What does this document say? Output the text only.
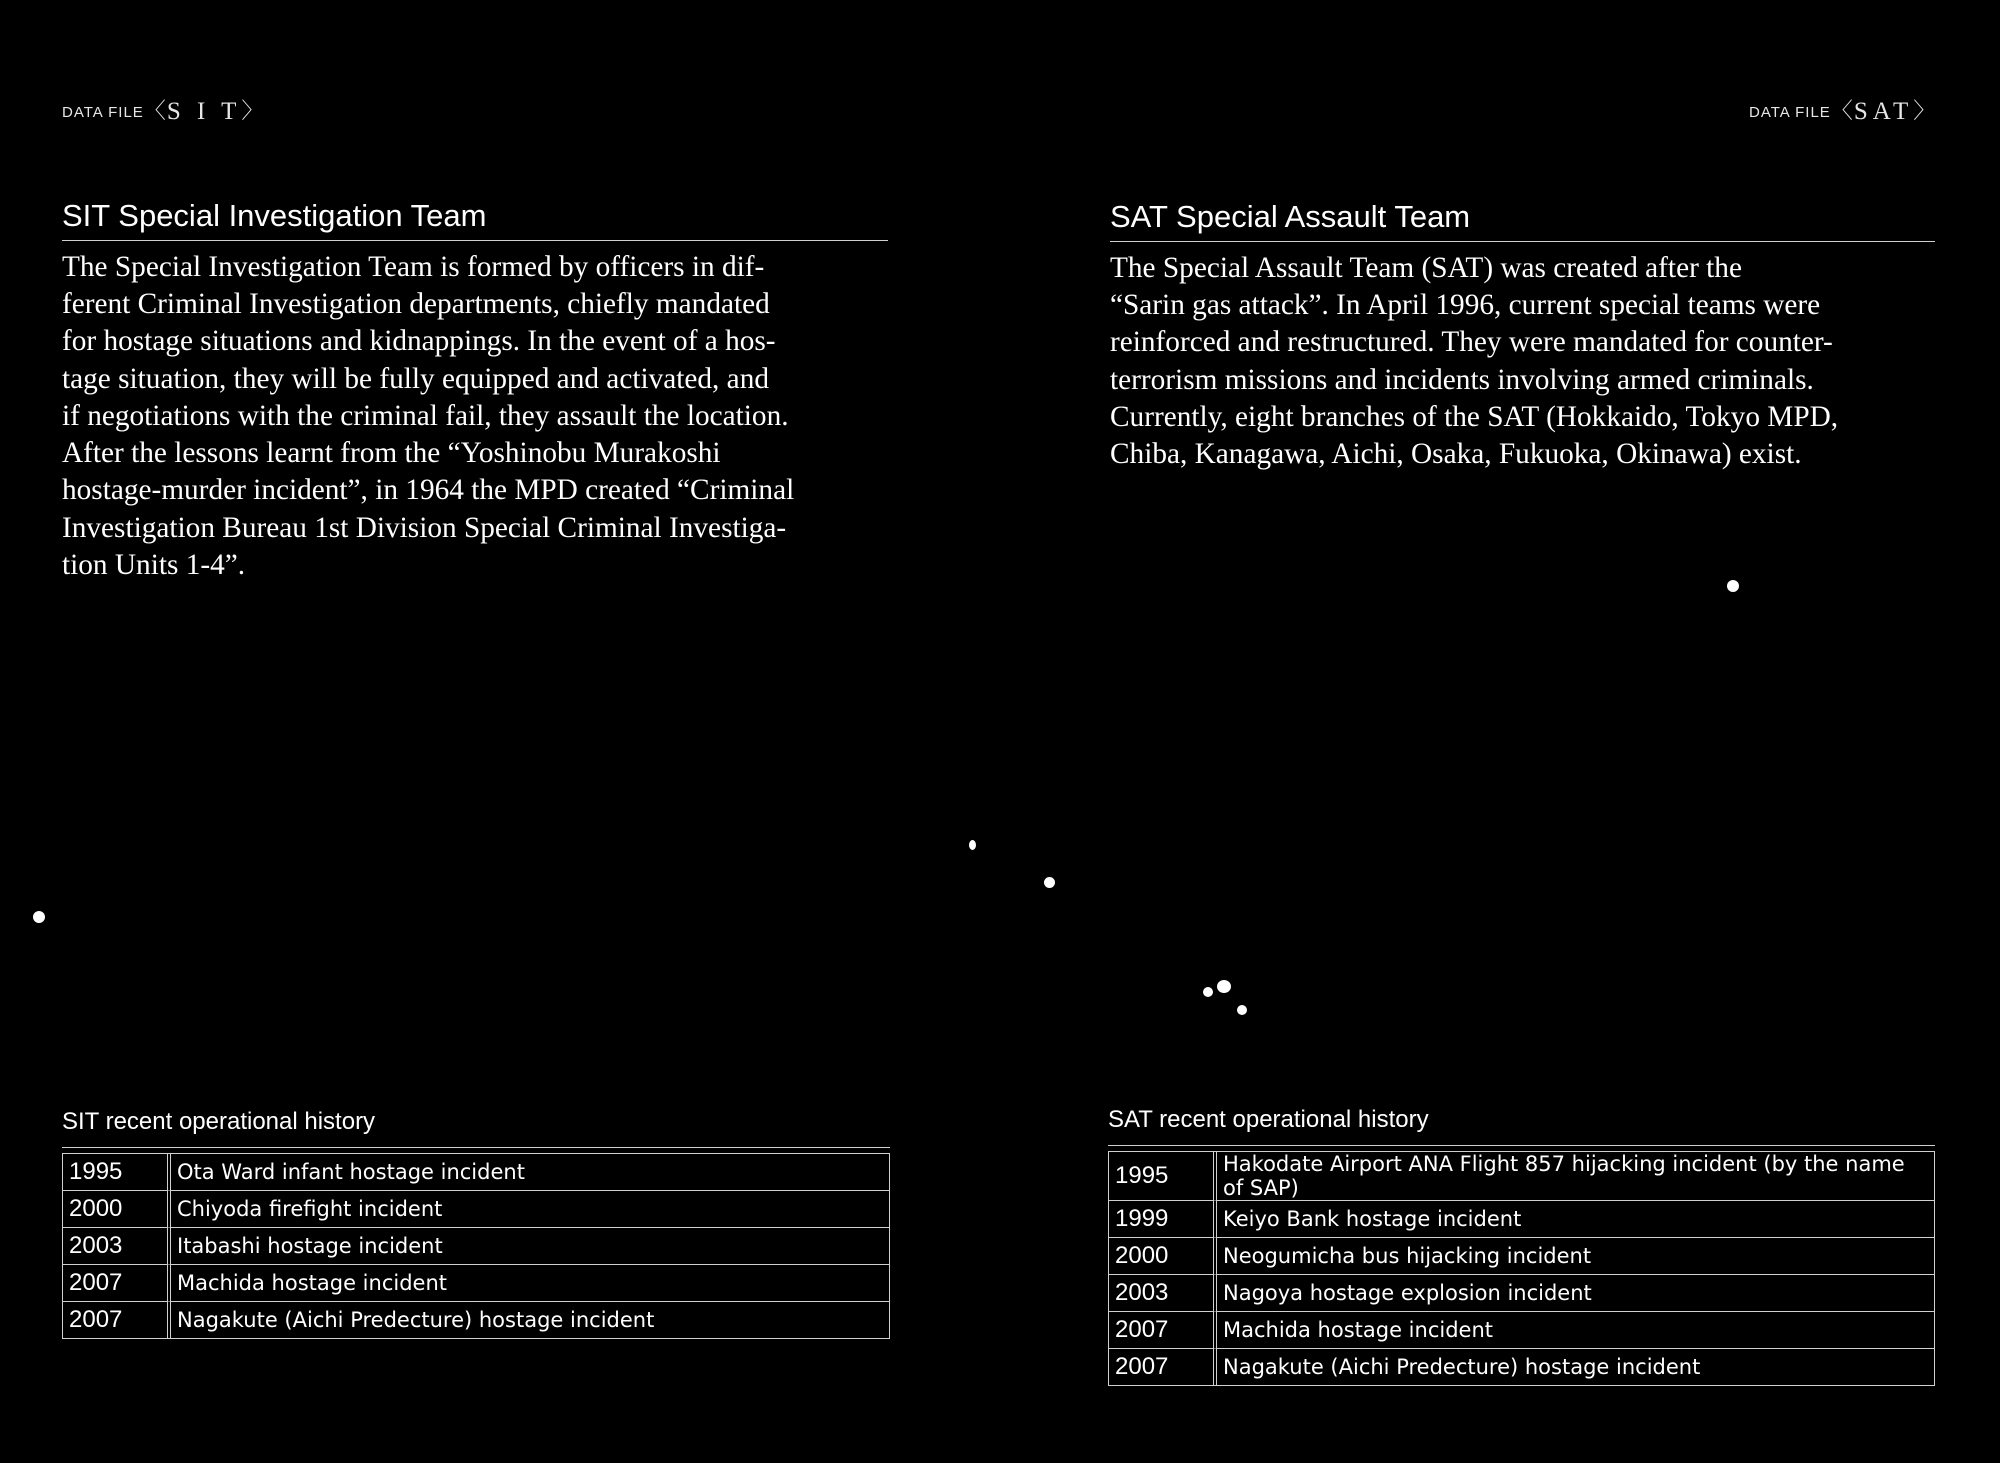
DATA FILE〈S I T〉	DATA FILE〈SAT〉
SIT Special Investigation Team

The Special Investigation Team is formed by officers in dif-
ferent Criminal Investigation departments, chiefly mandated
for hostage situations and kidnappings. In the event of a hos-
tage situation, they will be fully equipped and activated, and
if negotiations with the criminal fail, they assault the location.
After the lessons learnt from the “Yoshinobu Murakoshi
hostage-murder incident”, in 1964 the MPD created “Criminal
Investigation Bureau 1st Division Special Criminal Investiga-
tion Units 1-4”.

SAT Special Assault Team

The Special Assault Team (SAT) was created after the
“Sarin gas attack”. In April 1996, current special teams were
reinforced and restructured. They were mandated for counter-
terrorism missions and incidents involving armed criminals.
Currently, eight branches of the SAT (Hokkaido, Tokyo MPD,
Chiba, Kanagawa, Aichi, Osaka, Fukuoka, Okinawa) exist.

SIT recent operational history
1995	Ota Ward infant hostage incident
2000	Chiyoda firefight incident
2003	Itabashi hostage incident
2007	Machida hostage incident
2007	Nagakute (Aichi Predecture) hostage incident
SAT recent operational history
1995	Hakodate Airport ANA Flight 857 hijacking incident (by the name of SAP)
1999	Keiyo Bank hostage incident
2000	Neogumicha bus hijacking incident
2003	Nagoya hostage explosion incident
2007	Machida hostage incident
2007	Nagakute (Aichi Predecture) hostage incident
